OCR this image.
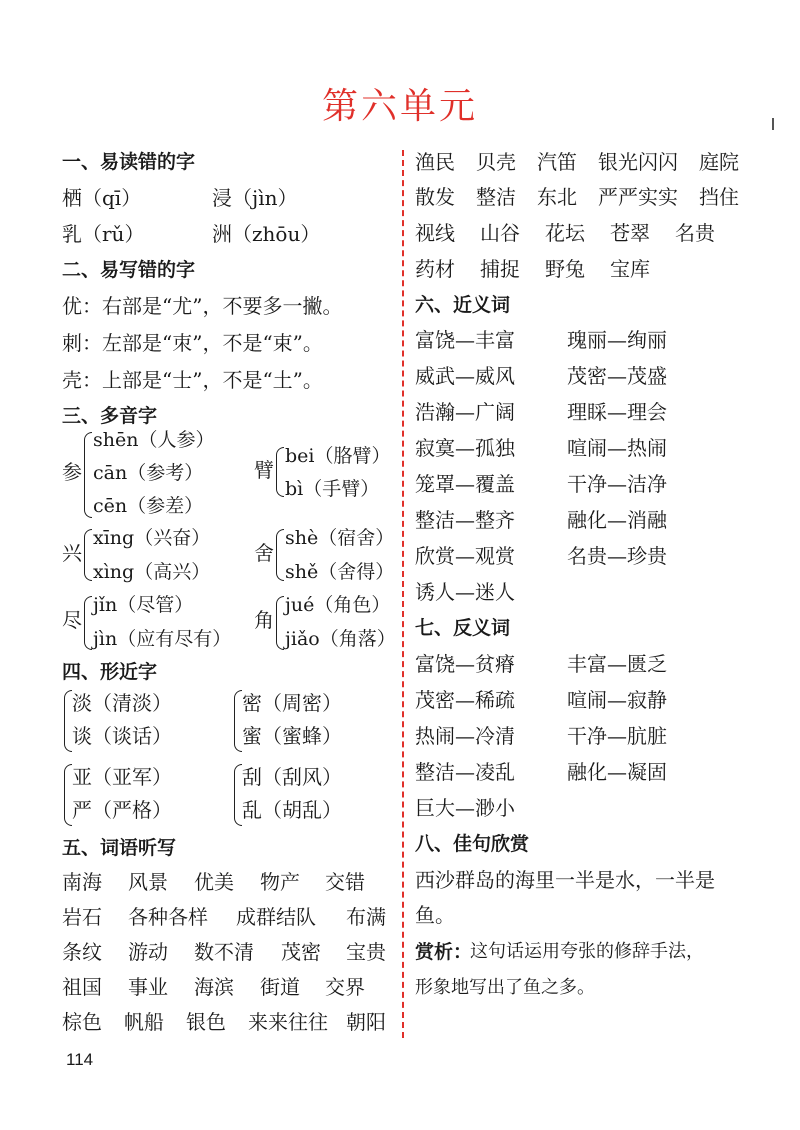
第六单元
一、易读错的字
栖（qī）	浸（jìn）
乳（rǔ）	洲（zhōu）
二、易写错的字
优：右部是“尤”，不要多一撇。
刺：左部是“朿”，不是“束”。
壳：上部是“士”，不是“土”。
三、多音字
参
shēn（人参）
cān（参考）
cēn（参差）
臂
bei（胳臂）
bì（手臂）
兴
xīng（兴奋）
xìng（高兴）
舍
shè（宿舍）
shě（舍得）
尽
jǐn（尽管）
jìn（应有尽有）
角
jué（角色）
jiǎo（角落）
四、形近字
淡（清淡）
谈（谈话）
密（周密）
蜜（蜜蜂）
亚（亚军）
严（严格）
刮（刮风）
乱（胡乱）
五、词语听写
南海 风景 优美 物产 交错
岩石 各种各样 成群结队 布满
条纹 游动 数不清 茂密 宝贵
祖国 事业 海滨 街道 交界
棕色 帆船 银色 来来往往 朝阳
114
渔民 贝壳 汽笛 银光闪闪 庭院
散发 整洁 东北 严严实实 挡住
视线 山谷 花坛 苍翠 名贵
药材 捕捉 野兔 宝库
六、近义词
富饶—丰富	瑰丽—绚丽
威武—威风	茂密—茂盛
浩瀚—广阔	理睬—理会
寂寞—孤独	喧闹—热闹
笼罩—覆盖	干净—洁净
整洁—整齐	融化—消融
欣赏—观赏	名贵—珍贵
诱人—迷人
七、反义词
富饶—贫瘠	丰富—匮乏
茂密—稀疏	喧闹—寂静
热闹—冷清	干净—肮脏
整洁—凌乱	融化—凝固
巨大—渺小
八、佳句欣赏
西沙群岛的海里一半是水，一半是
鱼。
赏析：
这句话运用夸张的修辞手法，
形象地写出了鱼之多。
